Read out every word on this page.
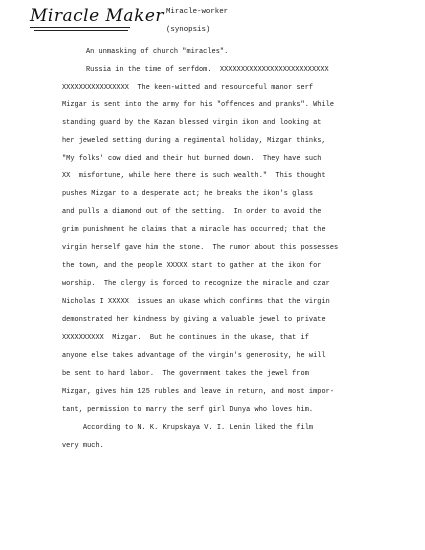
Miracle Maker Miracle-worker
(synopsis)
An unmasking of church "miracles".
Russia in the time of serfdom.  XXXXXXXXXXXXXXXXXXXXXXXXXX
XXXXXXXXXXXXXXXX  The keen-witted and resourceful manor serf
Mizgar is sent into the army for his "offences and pranks". While
standing guard by the Kazan blessed virgin ikon and looking at
her jeweled setting during a regimental holiday, Mizgar thinks,
"My folks' cow died and their hut burned down.  They have such
XX  misfortune, while here there is such wealth."  This thought
pushes Mizgar to a desperate act; he breaks the ikon's glass
and pulls a diamond out of the setting.  In order to avoid the
grim punishment he claims that a miracle has occurred; that the
virgin herself gave him the stone.  The rumor about this possesses
the town, and the people XXXXX start to gather at the ikon for
worship.  The clergy is forced to recognize the miracle and czar
Nicholas I XXXXX  issues an ukase which confirms that the virgin
demonstrated her kindness by giving a valuable jewel to private
XXXXXXXXXX  Mizgar.  But he continues in the ukase, that if
anyone else takes advantage of the virgin's generosity, he will
be sent to hard labor.  The government takes the jewel from
Mizgar, gives him 125 rubles and leave in return, and most impor-
tant, permission to marry the serf girl Dunya who loves him.
According to N. K. Krupskaya V. I. Lenin liked the film
very much.
